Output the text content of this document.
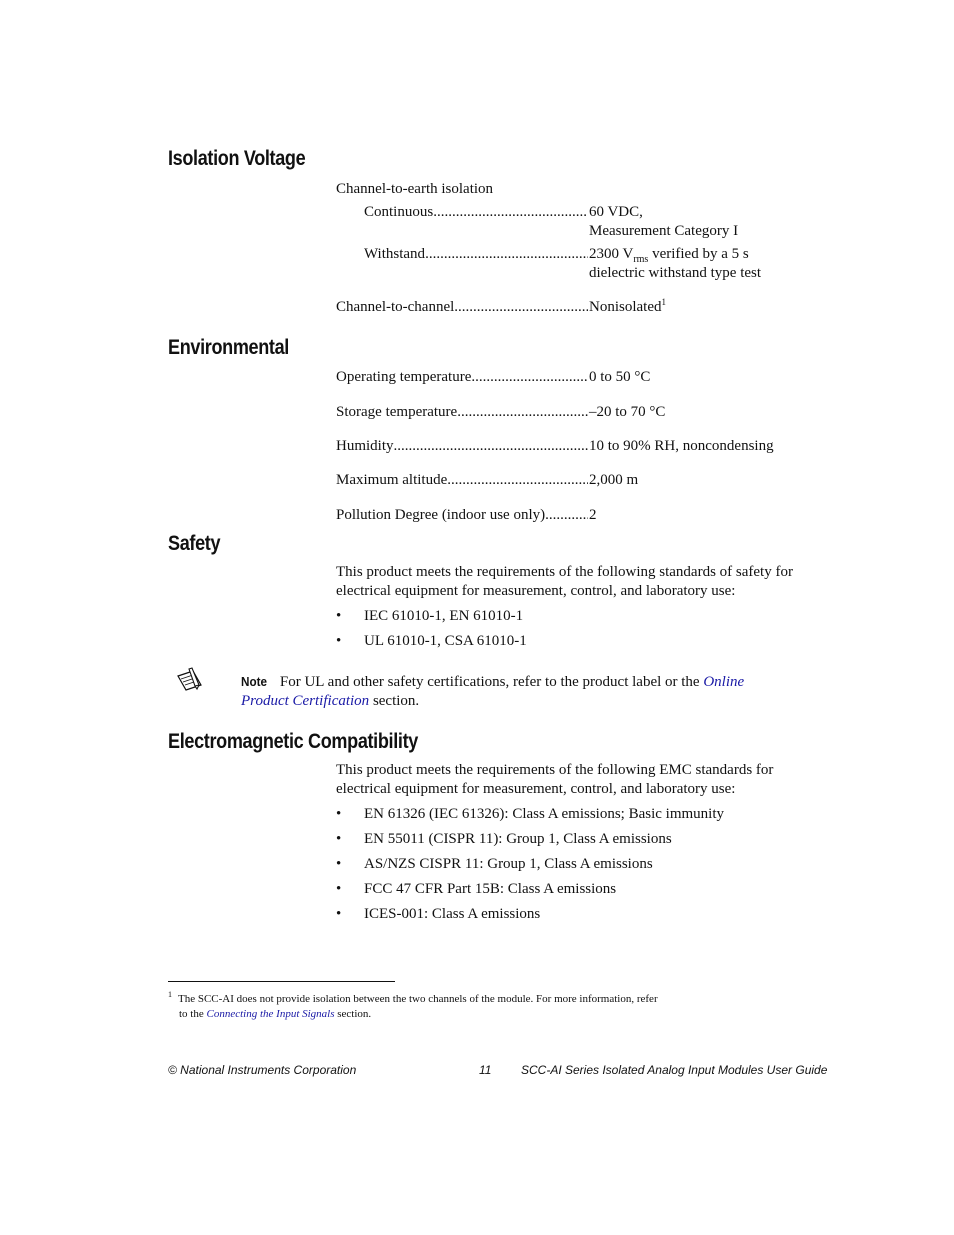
Isolation Voltage
Channel-to-earth isolation
Continuous .....	60 VDC,
Measurement Category I
Withstand .....	2300 $V_{rms}$ verified by a 5 s
dielectric withstand type test
Channel-to-channel .....	Nonisolated$^1$
Environmental
Operating temperature .....	0 to 50 °C
Storage temperature .....	–20 to 70 °C
Humidity .....	10 to 90% RH, noncondensing
Maximum altitude .....	2,000 m
Pollution Degree (indoor use only) .....	2
Safety
This product meets the requirements of the following standards of safety for electrical equipment for measurement, control, and laboratory use:
• IEC 61010-1, EN 61010-1
• UL 61010-1, CSA 61010-1
Note For UL and other safety certifications, refer to the product label or the Online Product Certification section.
Electromagnetic Compatibility
This product meets the requirements of the following EMC standards for electrical equipment for measurement, control, and laboratory use:
• EN 61326 (IEC 61326): Class A emissions; Basic immunity
• EN 55011 (CISPR 11): Group 1, Class A emissions
• AS/NZS CISPR 11: Group 1, Class A emissions
• FCC 47 CFR Part 15B: Class A emissions
• ICES-001: Class A emissions
$^1$ The SCC-AI does not provide isolation between the two channels of the module. For more information, refer
to the Connecting the Input Signals section.
© National Instruments Corporation	11 SCC-AI Series Isolated Analog Input Modules User Guide
